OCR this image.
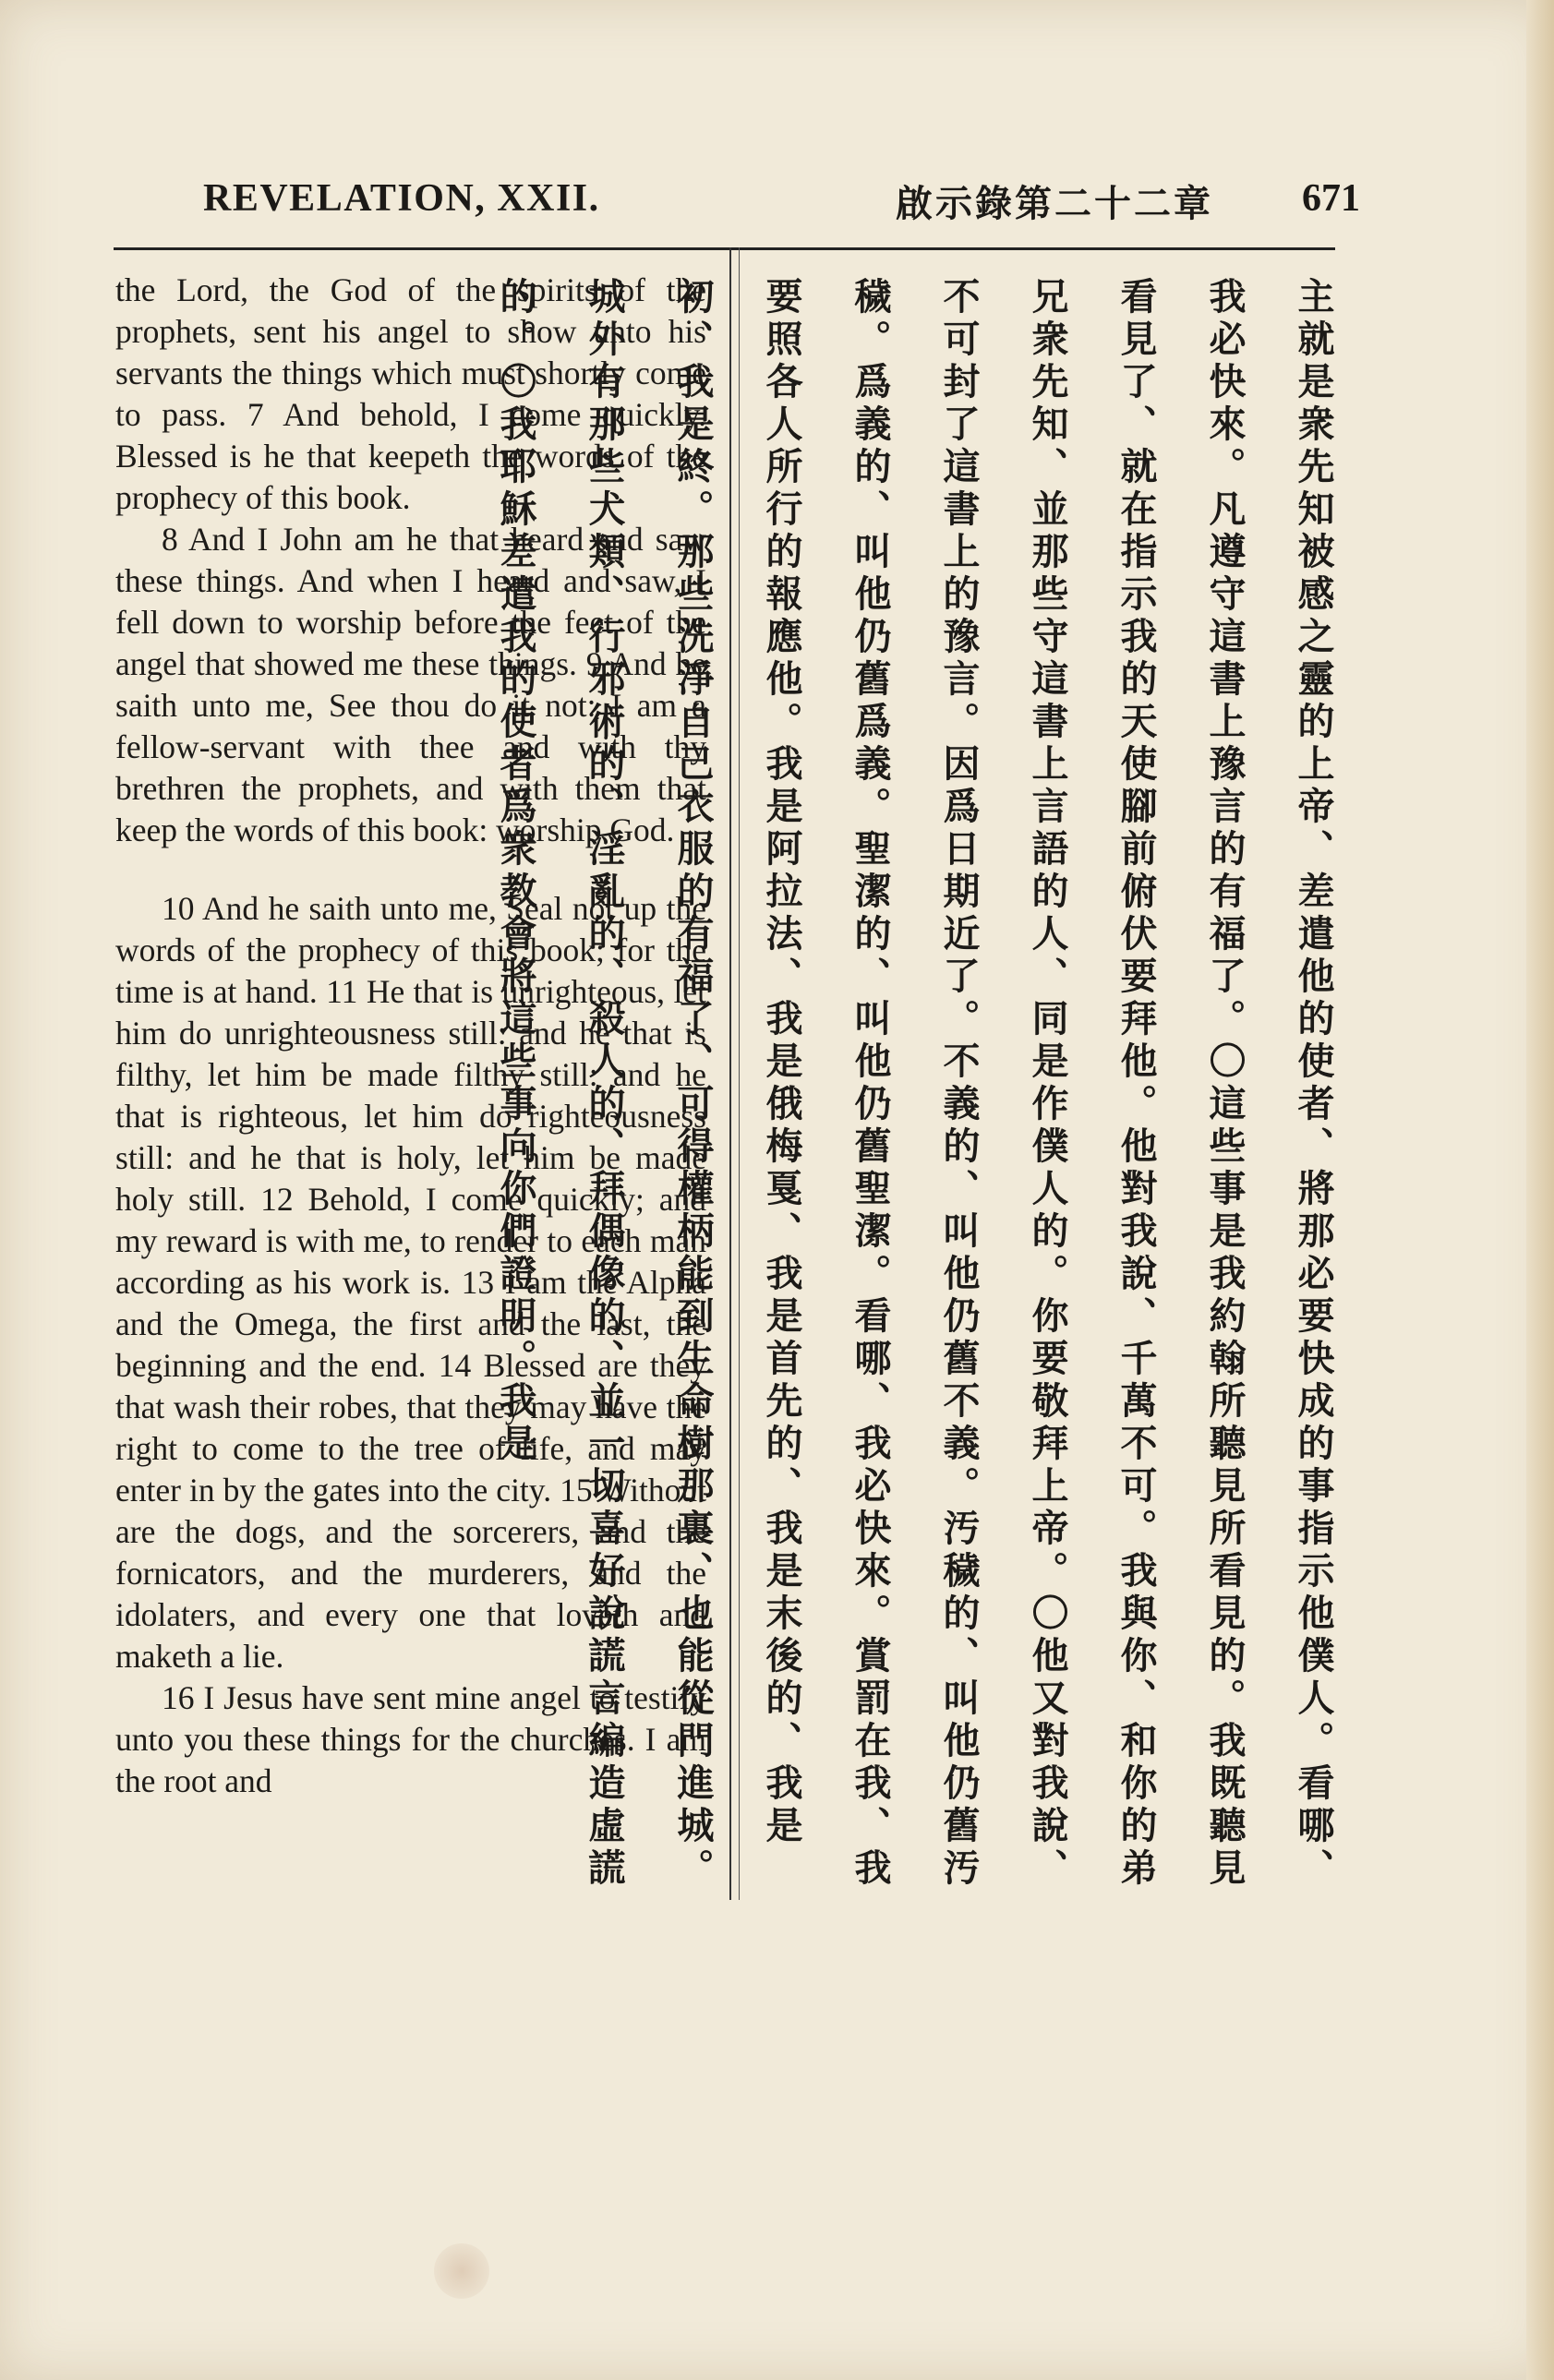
REVELATION, XXII.	啟示錄第二十二章 671

the Lord, the God of the spirits of the prophets, sent his angel to show unto his servants the things which must shortly come to pass. 7 And behold, I come quickly. Blessed is he that keepeth the words of the prophecy of this book.

8 And I John am he that heard and saw these things. And when I heard and saw, I fell down to worship before the feet of the angel that showed me these things. 9 And he saith unto me, See thou do it not: I am a fellow-servant with thee and with thy brethren the prophets, and with them that keep the words of this book: worship God.

10 And he saith unto me, Seal not up the words of the prophecy of this book; for the time is at hand. 11 He that is unrighteous, let him do unrighteousness still: and he that is filthy, let him be made filthy still: and he that is righteous, let him do righteousness still: and he that is holy, let him be made holy still. 12 Behold, I come quickly; and my reward is with me, to render to each man according as his work is. 13 I am the Alpha and the Omega, the first and the last, the beginning and the end. 14 Blessed are they that wash their robes, that they may have the right to come to the tree of life, and may enter in by the gates into the city. 15 Without are the dogs, and the sorcerers, and the fornicators, and the murderers, and the idolaters, and every one that loveth and maketh a lie.

16 I Jesus have sent mine angel to testify unto you these things for the churches. I am the root and	主就是衆先知被感之靈的上帝、差遣他的使者、將那必要快成的事指示他僕人。看哪、我必快來。凡遵守這書上豫言的有福了。〇這些事是我約翰所聽見所看見的。我既聽見看見了、就在指示我的天使腳前俯伏要拜他。他對我說、千萬不可。我與你、和你的弟兄衆先知、並那些守這書上言語的人、同是作僕人的。你要敬拜上帝。〇他又對我說、不可封了這書上的豫言。因爲日期近了。不義的、叫他仍舊不義。汚穢的、叫他仍舊汚穢。爲義的、叫他仍舊爲義。聖潔的、叫他仍舊聖潔。看哪、我必快來。賞罰在我、我要照各人所行的報應他。我是阿拉法、我是俄梅戛、我是首先的、我是末後的、我是初、我是終。那些洗淨自己衣服的有福了、可得權柄能到生命樹那裏、也能從門進城。城外有那些犬類、行邪術的、淫亂的、殺人的、拜偶像的、並一切喜好說謊言編造虛謊的。〇我耶穌差遣我的使者爲衆教會將這些事向你們證明。我是
